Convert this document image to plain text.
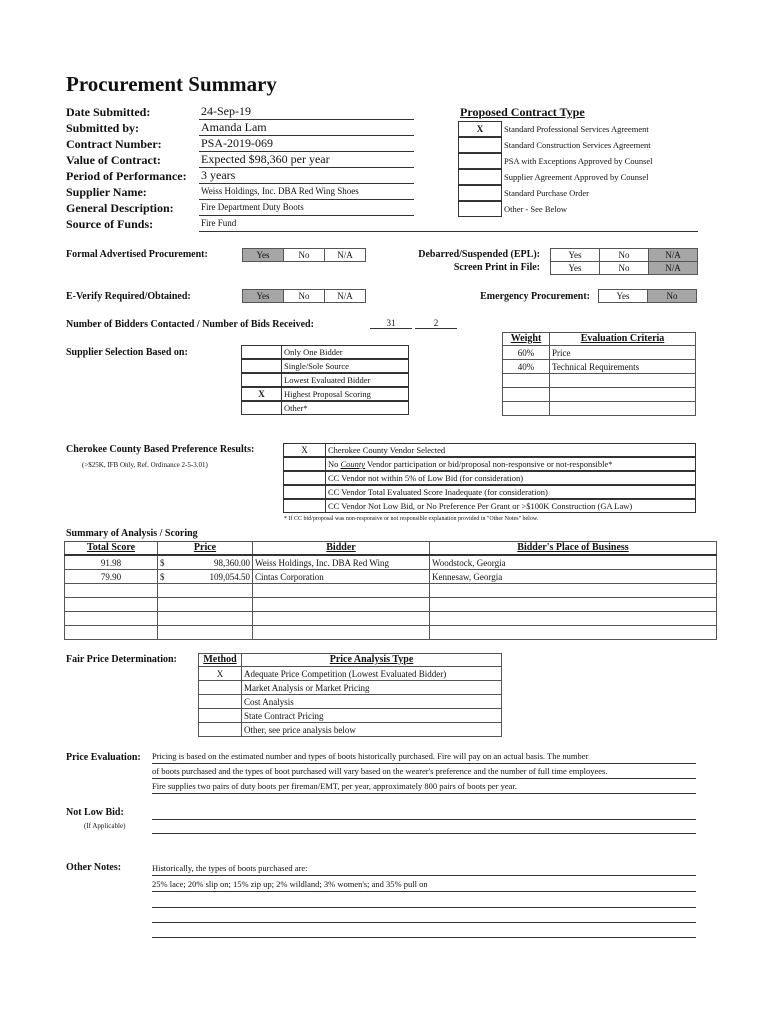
Procurement Summary
Date Submitted:	24-Sep-19
Submitted by:	Amanda Lam
Contract Number:	PSA-2019-069
Value of Contract:	Expected $98,360 per year
Period of Performance: 3 years
Supplier Name:	Weiss Holdings, Inc. DBA Red Wing Shoes
General Description:	Fire Department Duty Boots
Source of Funds:	Fire Fund
Proposed Contract Type
X	Standard Professional Services Agreement
Standard Construction Services Agreement
PSA with Exceptions Approved by Counsel
Supplier Agreement Approved by Counsel
Standard Purchase Order
Other - See Below
Formal Advertised Procurement:	Yes	No	N/A	Debarred/Suspended (EPL):
Screen Print in File:
Yes	No	N/A
Yes	No	N/A
E-Verify Required/Obtained:	Yes	No	N/A	Emergency Procurement:	Yes	No
Number of Bidders Contacted / Number of Bids Received:	31	2
Supplier Selection Based on:	Only One Bidder
Single/Sole Source
Lowest Evaluated Bidder
X	Highest Proposal Scoring
Other*
Weight	Evaluation Criteria
60%	Price
40%	Technical Requirements

Cherokee County Based Preference Results:
(>$25K, IFB Only, Ref. Ordinance 2-5-3.01)
X	Cherokee County Vendor Selected
No County Vendor participation or bid/proposal non-responsive or not-responsible*
CC Vendor not within 5% of Low Bid (for consideration)
CC Vendor Total Evaluated Score Inadequate (for consideration)
CC Vendor Not Low Bid, or No Preference Per Grant or >$100K Construction (GA Law)
* If CC bid/proposal was non-responsive or not responsible explanation provided in "Other Notes" below.
Summary of Analysis / Scoring
Total Score	Price	Bidder	Bidder's Place of Business
91.98	$ 98,360.00	Weiss Holdings, Inc. DBA Red Wing	Woodstock, Georgia
79.90	$ 109,054.50	Cintas Corporation	Kennesaw, Georgia

Fair Price Determination:	Method	Price Analysis Type
X	Adequate Price Competition (Lowest Evaluated Bidder)
	Market Analysis or Market Pricing
	Cost Analysis
	State Contract Pricing
	Other, see price analysis below
Price Evaluation: Pricing is based on the estimated number and types of boots historically purchased. Fire will pay on an actual basis. The number
of boots purchased and the types of boot purchased will vary based on the wearer's preference and the number of full time employees.
Fire supplies two pairs of duty boots per fireman/EMT, per year, approximately 800 pairs of boots per year.
Not Low Bid:
(If Applicable)
Other Notes:	Historically, the types of boots purchased are:
25% lace; 20% slip on; 15% zip up; 2% wildland; 3% women's; and 35% pull on
